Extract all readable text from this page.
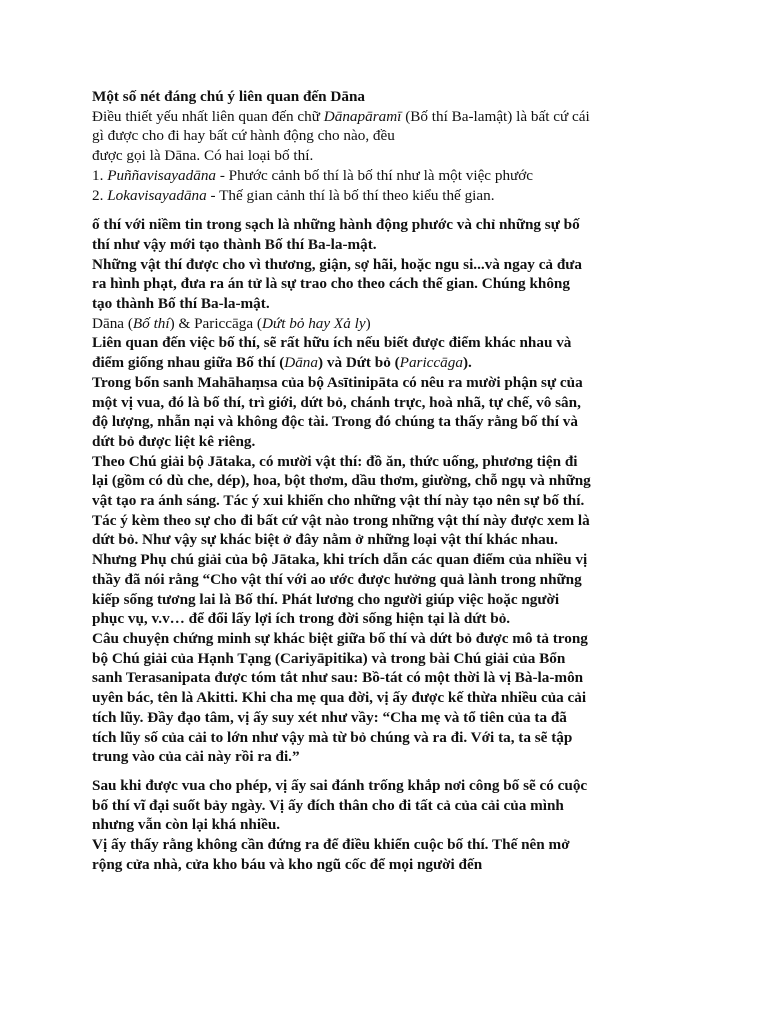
Một số nét đáng chú ý liên quan đến Dāna

Điều thiết yếu nhất liên quan đến chữ Dānapāramī (Bố thí Ba-lamật) là bất cứ cái gì được cho đi hay bất cứ hành động cho nào, đều
được gọi là Dāna. Có hai loại bố thí.

1. Puññavisayadāna - Phước cảnh bố thí là bố thí như là một việc phước

2. Lokavisayadāna - Thế gian cảnh thí là bố thí theo kiểu thế gian.

ố thí với niềm tin trong sạch là những hành động phước và chỉ những sự bố thí như vậy mới tạo thành Bố thí Ba-la-mật.

Những vật thí được cho vì thương, giận, sợ hãi, hoặc ngu si...và ngay cả đưa ra hình phạt, đưa ra án tử là sự trao cho theo cách thế gian. Chúng không tạo thành Bố thí Ba-la-mật.

Dāna (Bố thí) & Pariccāga (Dứt bỏ hay Xả ly)

Liên quan đến việc bố thí, sẽ rất hữu ích nếu biết được điểm khác nhau và điểm giống nhau giữa Bố thí (Dāna) và Dứt bỏ (Pariccāga).

Trong bổn sanh Mahāhaṃsa của bộ Asītinipāta có nêu ra mười phận sự của một vị vua, đó là bố thí, trì giới, dứt bỏ, chánh trực, hoà nhã, tự chế, vô sân, độ lượng, nhẫn nại và không độc tài. Trong đó chúng ta thấy rằng bố thí và dứt bỏ được liệt kê riêng.

Theo Chú giải bộ Jātaka, có mười vật thí: đồ ăn, thức uống, phương tiện đi lại (gồm có dù che, dép), hoa, bột thơm, dầu thơm, giường, chỗ ngụ và những vật tạo ra ánh sáng. Tác ý xui khiến cho những vật thí này tạo nên sự bố thí. Tác ý kèm theo sự cho đi bất cứ vật nào trong những vật thí này được xem là dứt bỏ. Như vậy sự khác biệt ở đây nằm ở những loại vật thí khác nhau.

Nhưng Phụ chú giải của bộ Jātaka, khi trích dẫn các quan điểm của nhiều vị thầy đã nói rằng “Cho vật thí với ao ước được hưởng quả lành trong những kiếp sống tương lai là Bố thí. Phát lương cho người giúp việc hoặc người phục vụ, v.v… để đổi lấy lợi ích trong đời sống hiện tại là dứt bỏ.

Câu chuyện chứng minh sự khác biệt giữa bố thí và dứt bỏ được mô tả trong bộ Chú giải của Hạnh Tạng (Cariyāpitika) và trong bài Chú giải của Bổn sanh Terasanipata được tóm tắt như sau: Bồ-tát có một thời là vị Bà-la-môn uyên bác, tên là Akitti. Khi cha mẹ qua đời, vị ấy được kế thừa nhiều của cải tích lũy. Đầy đạo tâm, vị ấy suy xét như vầy: “Cha mẹ và tổ tiên của ta đã tích lũy số của cải to lớn như vậy mà từ bỏ chúng và ra đi. Với ta, ta sẽ tập trung vào của cải này rồi ra đi.”

Sau khi được vua cho phép, vị ấy sai đánh trống khắp nơi công bố sẽ có cuộc bố thí vĩ đại suốt bảy ngày. Vị ấy đích thân cho đi tất cả của cải của mình nhưng vẫn còn lại khá nhiều.

Vị ấy thấy rằng không cần đứng ra để điều khiển cuộc bố thí. Thế nên mở rộng cửa nhà, cửa kho báu và kho ngũ cốc để mọi người đến
